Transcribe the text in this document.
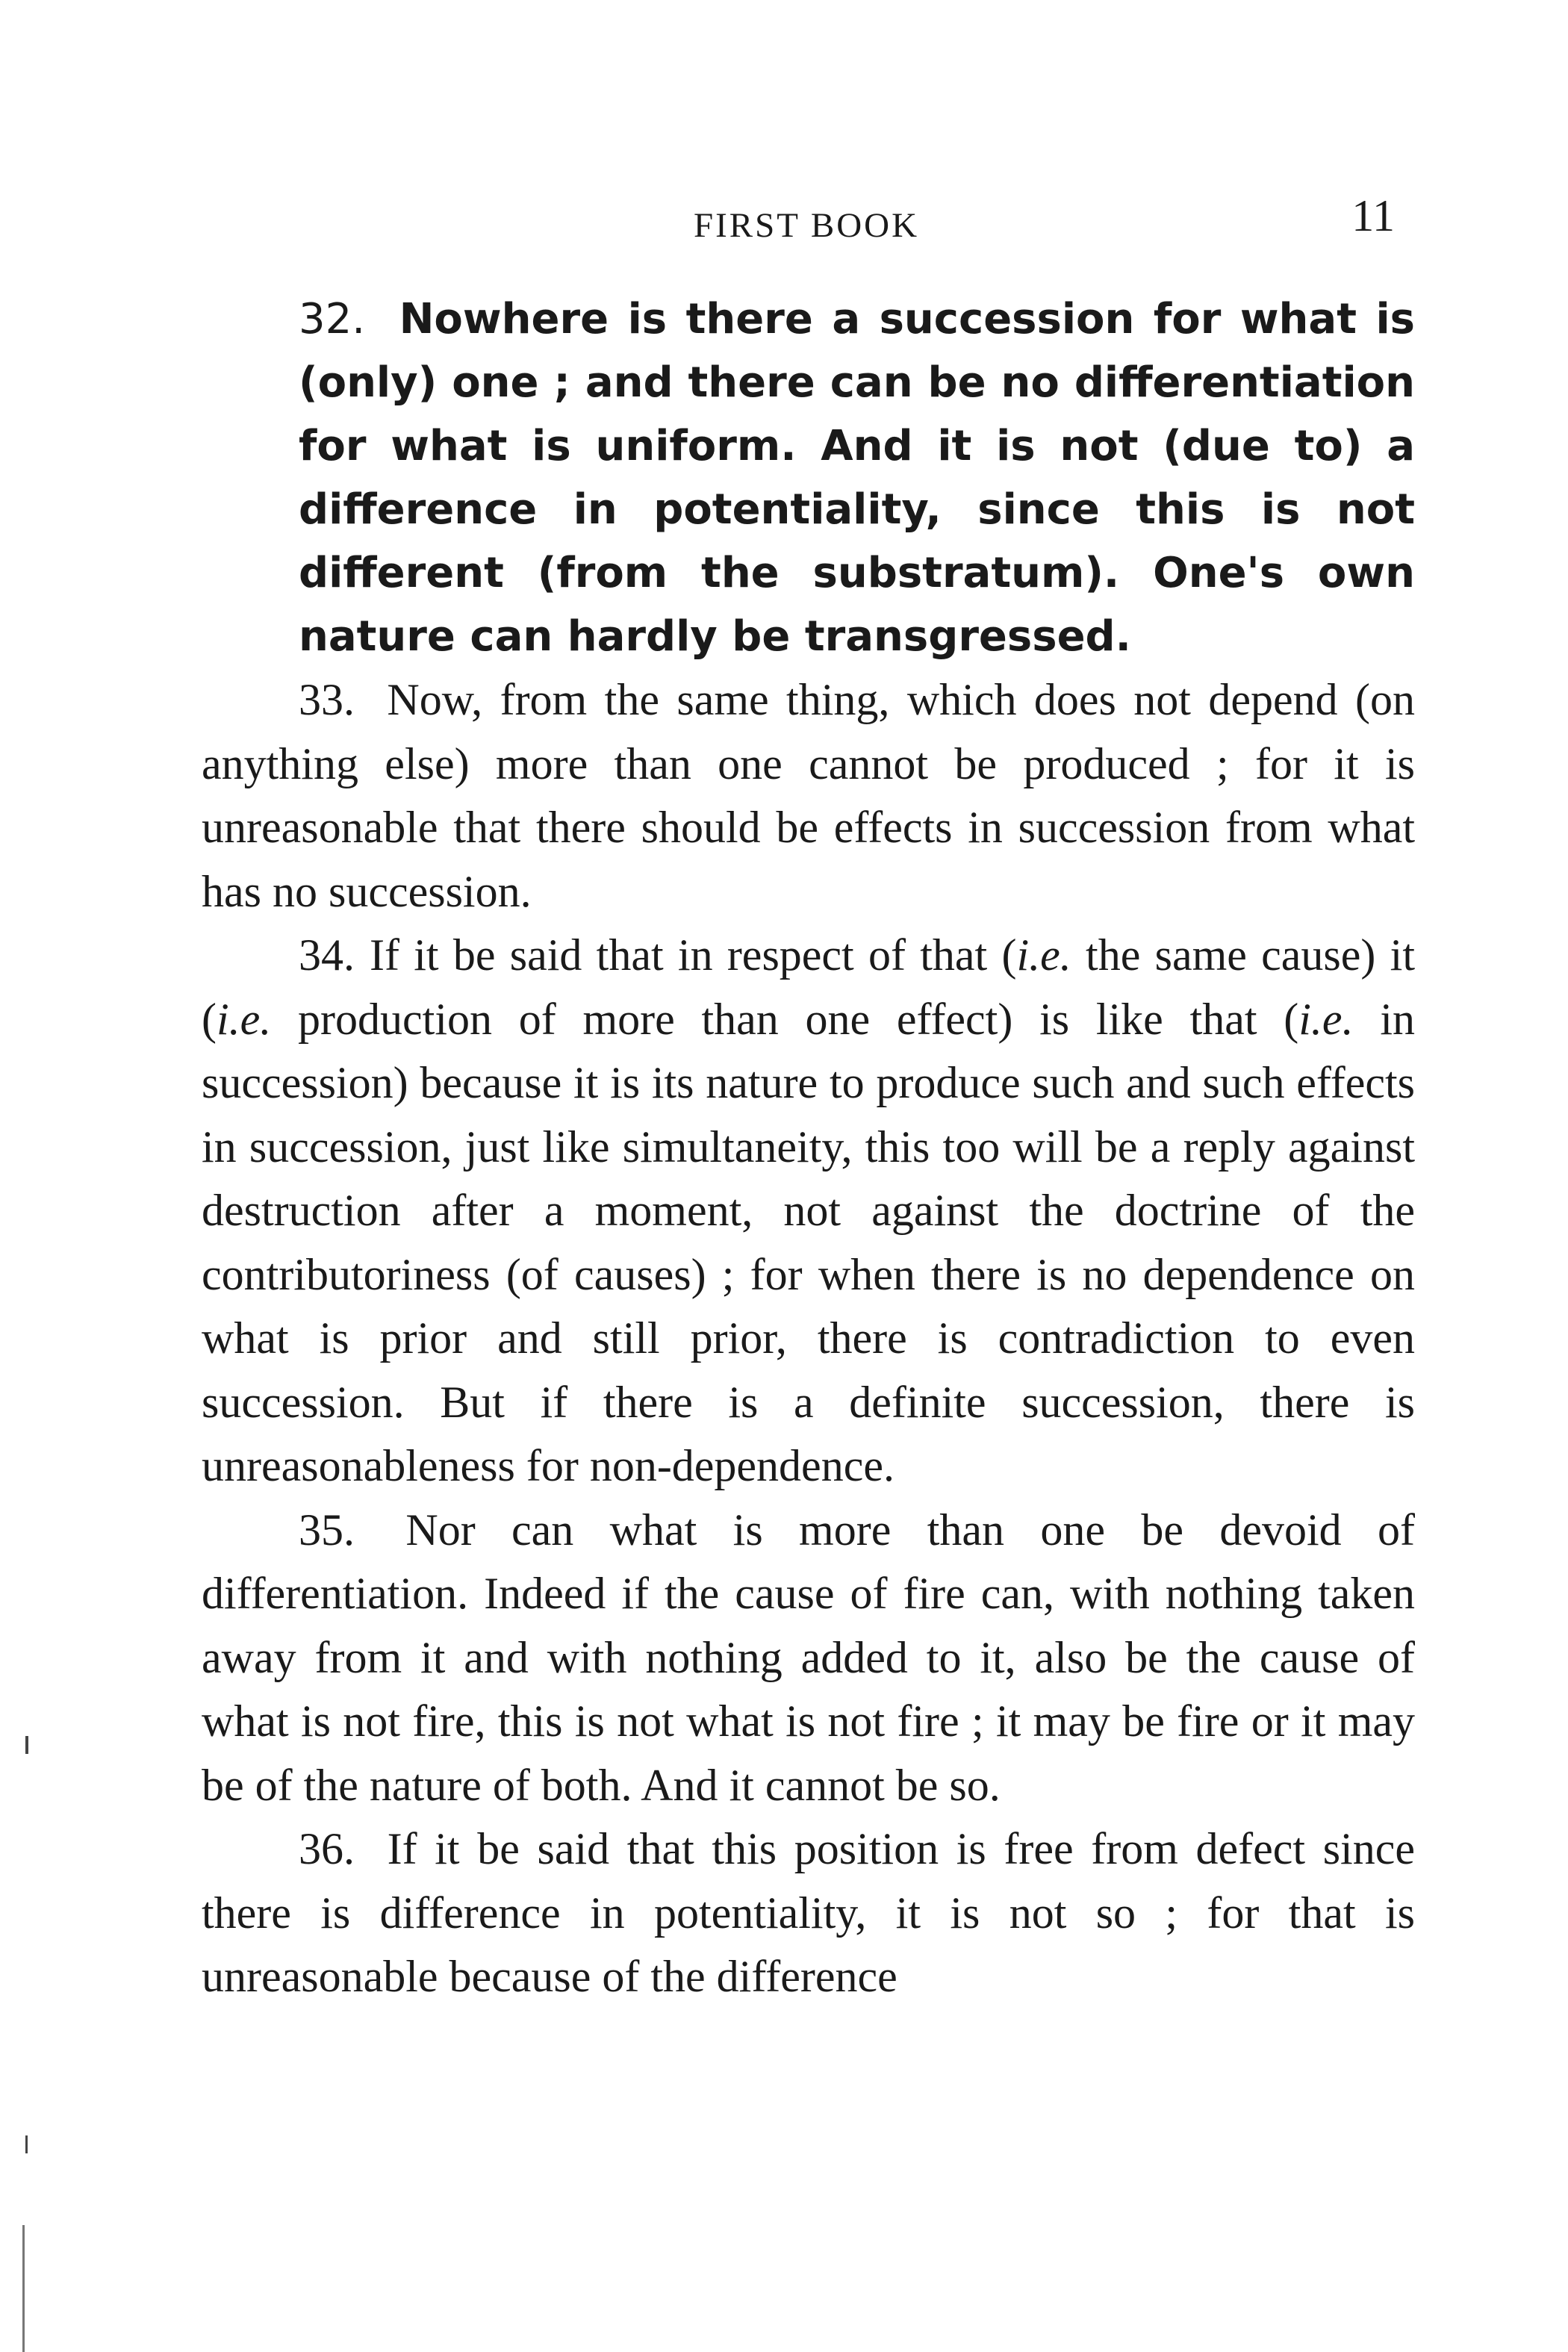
FIRST BOOK	11

32. Nowhere is there a succession for what is (only) one ; and there can be no differentiation for what is uniform. And it is not (due to) a difference in potentiality, since this is not different (from the substratum). One's own nature can hardly be transgressed.

33. Now, from the same thing, which does not depend (on anything else) more than one cannot be produced ; for it is unreasonable that there should be effects in succession from what has no succession.

34. If it be said that in respect of that (i.e. the same cause) it (i.e. production of more than one effect) is like that (i.e. in succession) because it is its nature to produce such and such effects in succession, just like simultaneity, this too will be a reply against destruction after a moment, not against the doctrine of the contributoriness (of causes) ; for when there is no dependence on what is prior and still prior, there is contradiction to even succession. But if there is a definite succession, there is unreasonableness for non-dependence.

35. Nor can what is more than one be devoid of differentiation. Indeed if the cause of fire can, with nothing taken away from it and with nothing added to it, also be the cause of what is not fire, this is not what is not fire ; it may be fire or it may be of the nature of both. And it cannot be so.

36. If it be said that this position is free from defect since there is difference in potentiality, it is not so ; for that is unreasonable because of the difference
